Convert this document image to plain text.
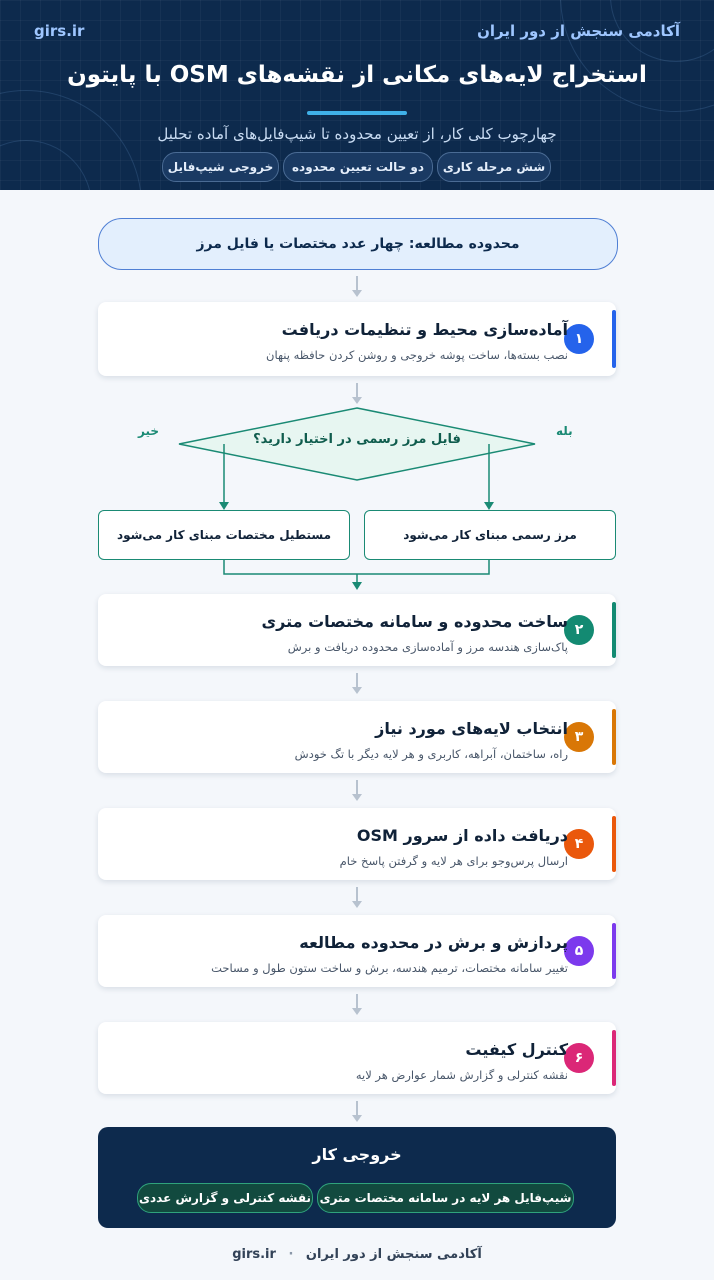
girs.ir	آکادمی سنجش از دور ایران
استخراج لایه‌های مکانی از نقشه‌های OSM با پایتون
چهارچوب کلی کار، از تعیین محدوده تا شیپ‌فایل‌های آماده تحلیل
شش مرحله کاری
دو حالت تعیین محدوده
خروجی شیپ‌فایل
محدوده مطالعه: چهار عدد مختصات یا فایل مرز
۱
آماده‌سازی محیط و تنظیمات دریافت
نصب بسته‌ها، ساخت پوشه خروجی و روشن کردن حافظه پنهان
فایل مرز رسمی در اختیار دارید؟
بله
خیر
مرز رسمی مبنای کار می‌شود
مستطیل مختصات مبنای کار می‌شود
۲
ساخت محدوده و سامانه مختصات متری
پاک‌سازی هندسه مرز و آماده‌سازی محدوده دریافت و برش
۳
انتخاب لایه‌های مورد نیاز
راه، ساختمان، آبراهه، کاربری و هر لایه دیگر با تگ خودش
۴
دریافت داده از سرور OSM
ارسال پرس‌وجو برای هر لایه و گرفتن پاسخ خام
۵
پردازش و برش در محدوده مطالعه
تغییر سامانه مختصات، ترمیم هندسه، برش و ساخت ستون طول و مساحت
۶
کنترل کیفیت
نقشه کنترلی و گزارش شمار عوارض هر لایه
خروجی کار
شیپ‌فایل هر لایه در سامانه مختصات متری
نقشه کنترلی و گزارش عددی
آکادمی سنجش از دور ایران · girs.ir
